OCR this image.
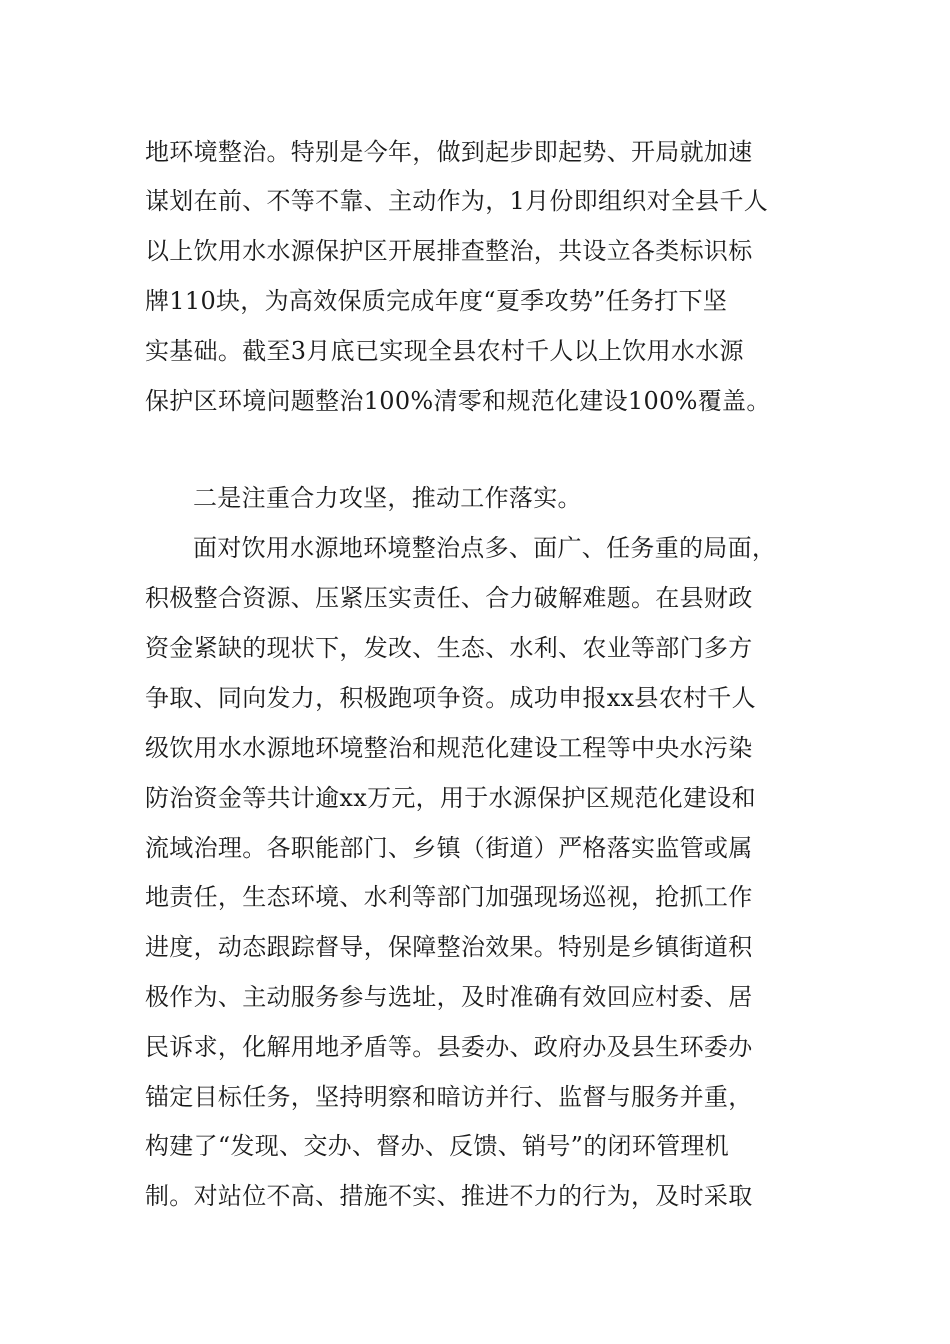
地环境整治。特别是今年，做到起步即起势、开局就加速
谋划在前、不等不靠、主动作为，1月份即组织对全县千人
以上饮用水水源保护区开展排查整治，共设立各类标识标
牌110块，为高效保质完成年度“夏季攻势”任务打下坚
实基础。截至3月底已实现全县农村千人以上饮用水水源
保护区环境问题整治100%清零和规范化建设100%覆盖。
二是注重合力攻坚，推动工作落实。
面对饮用水源地环境整治点多、面广、任务重的局面，
积极整合资源、压紧压实责任、合力破解难题。在县财政
资金紧缺的现状下，发改、生态、水利、农业等部门多方
争取、同向发力，积极跑项争资。成功申报xx县农村千人
级饮用水水源地环境整治和规范化建设工程等中央水污染
防治资金等共计逾xx万元，用于水源保护区规范化建设和
流域治理。各职能部门、乡镇（街道）严格落实监管或属
地责任，生态环境、水利等部门加强现场巡视，抢抓工作
进度，动态跟踪督导，保障整治效果。特别是乡镇街道积
极作为、主动服务参与选址，及时准确有效回应村委、居
民诉求，化解用地矛盾等。县委办、政府办及县生环委办
锚定目标任务，坚持明察和暗访并行、监督与服务并重，
构建了“发现、交办、督办、反馈、销号”的闭环管理机
制。对站位不高、措施不实、推进不力的行为，及时采取
